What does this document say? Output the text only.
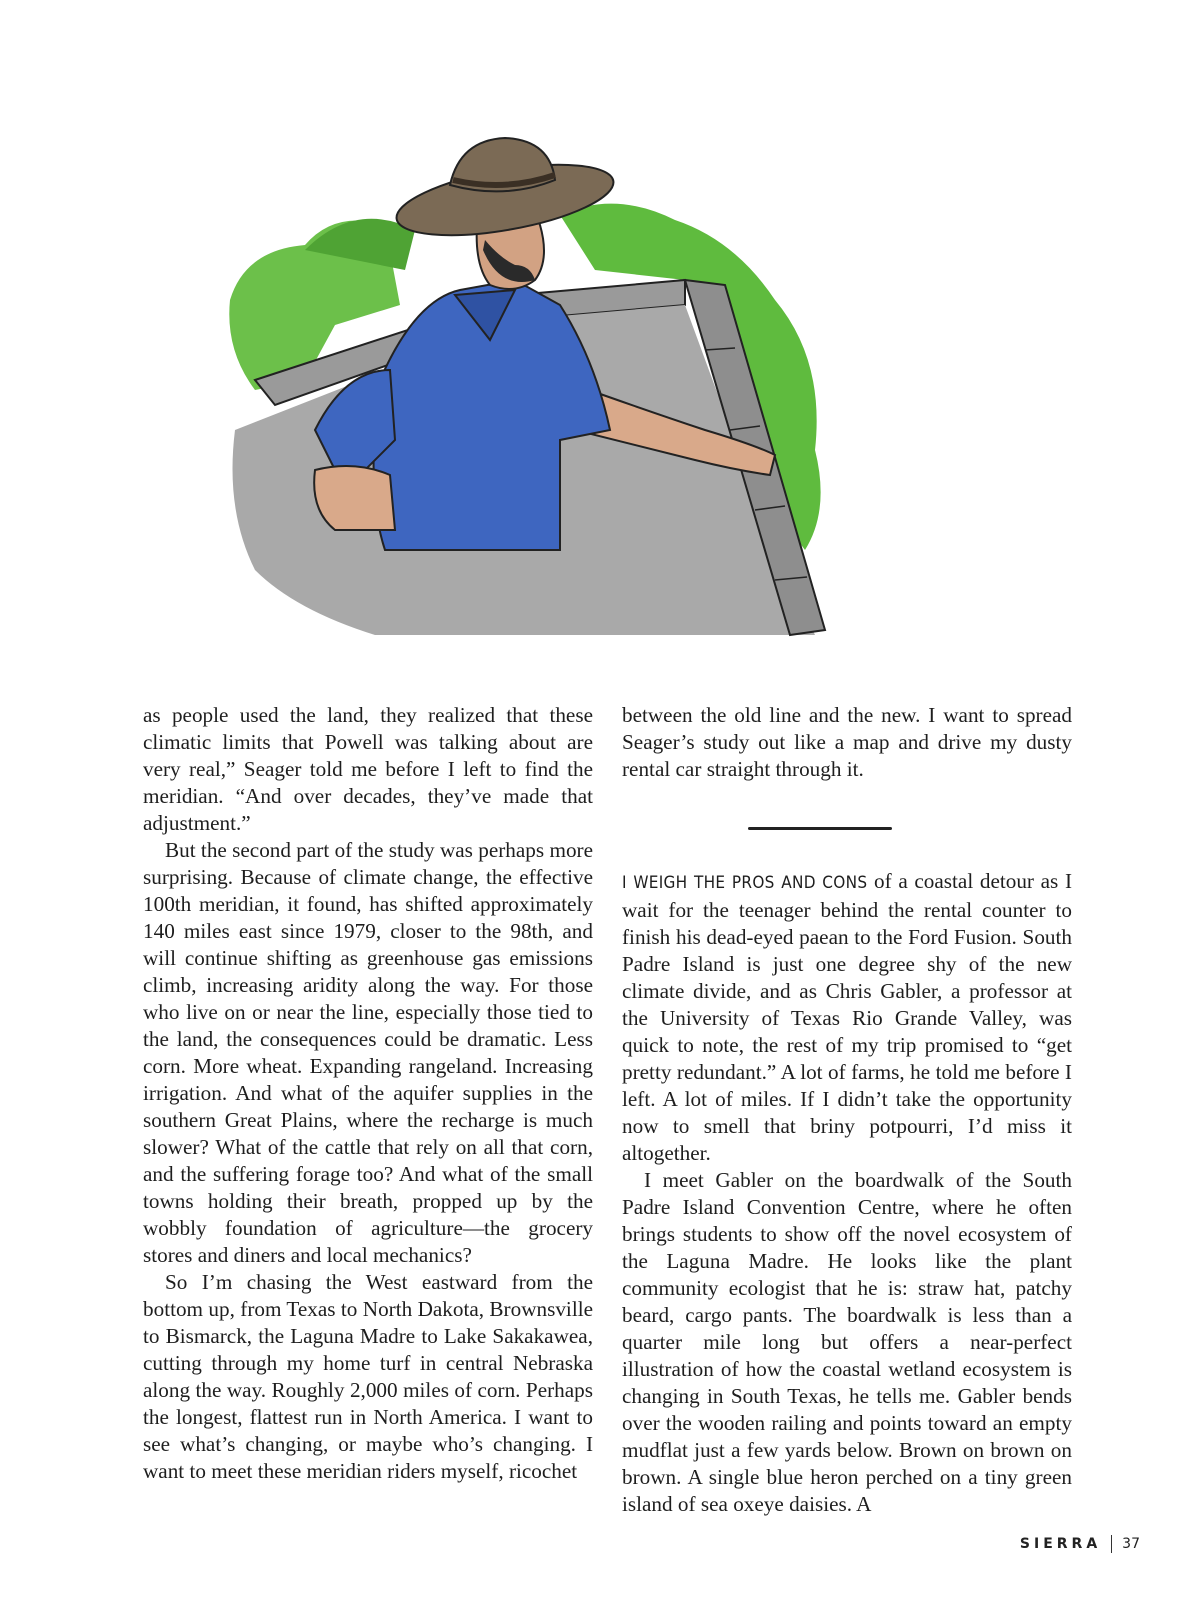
as people used the land, they realized that these climatic limits that Powell was talking about are very real,” Seager told me before I left to find the meridian. “And over decades, they’ve made that adjustment.”

But the second part of the study was perhaps more surprising. Because of climate change, the effective 100th meridian, it found, has shifted approximately 140 miles east since 1979, closer to the 98th, and will continue shifting as greenhouse gas emissions climb, increasing aridity along the way. For those who live on or near the line, especially those tied to the land, the consequences could be dramatic. Less corn. More wheat. Expanding rangeland. Increasing irrigation. And what of the aquifer supplies in the southern Great Plains, where the recharge is much slower? What of the cattle that rely on all that corn, and the suffering forage too? And what of the small towns holding their breath, propped up by the wobbly foundation of agriculture—the grocery stores and diners and local mechanics?

So I’m chasing the West eastward from the bottom up, from Texas to North Dakota, Brownsville to Bismarck, the Laguna Madre to Lake Sakakawea, cutting through my home turf in central Nebraska along the way. Roughly 2,000 miles of corn. Perhaps the longest, flattest run in North America. I want to see what’s changing, or maybe who’s changing. I want to meet these meridian riders myself, ricochet

between the old line and the new. I want to spread Seager’s study out like a map and drive my dusty rental car straight through it.

I WEIGH THE PROS AND CONS of a coastal detour as I wait for the teenager behind the rental counter to finish his dead-eyed paean to the Ford Fusion. South Padre Island is just one degree shy of the new climate divide, and as Chris Gabler, a professor at the University of Texas Rio Grande Valley, was quick to note, the rest of my trip promised to “get pretty redundant.” A lot of farms, he told me before I left. A lot of miles. If I didn’t take the opportunity now to smell that briny potpourri, I’d miss it altogether.

I meet Gabler on the boardwalk of the South Padre Island Convention Centre, where he often brings students to show off the novel ecosystem of the Laguna Madre. He looks like the plant community ecologist that he is: straw hat, patchy beard, cargo pants. The boardwalk is less than a quarter mile long but offers a near-perfect illustration of how the coastal wetland ecosystem is changing in South Texas, he tells me. Gabler bends over the wooden railing and points toward an empty mudflat just a few yards below. Brown on brown on brown. A single blue heron perched on a tiny green island of sea oxeye daisies. A

SIERRA 37
